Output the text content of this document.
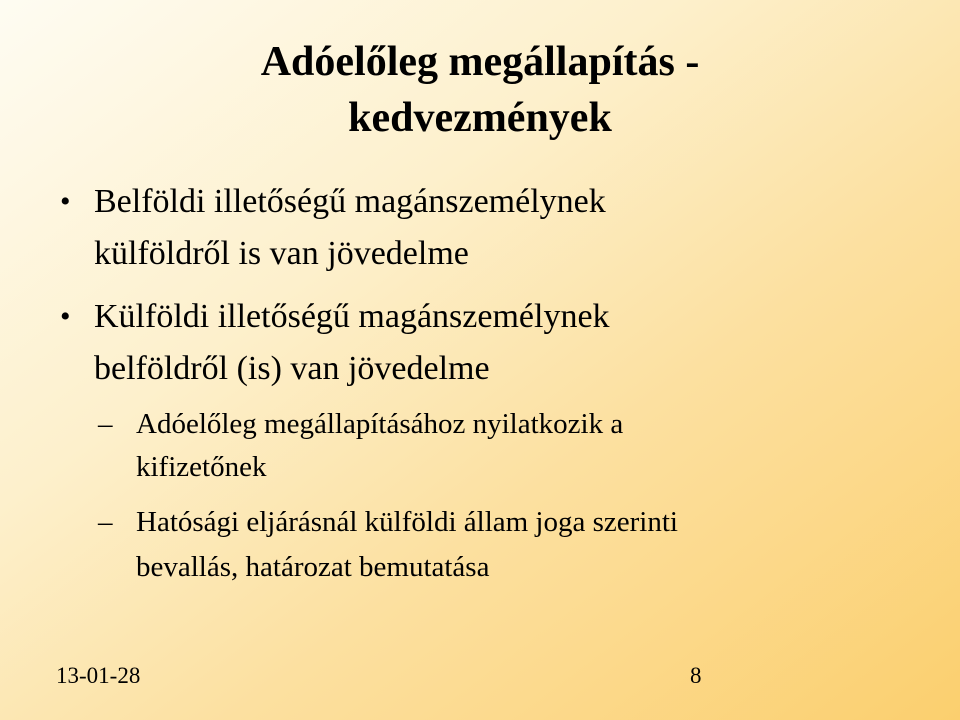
Adóelőleg megállapítás -
kedvezmények
• Belföldi illetőségű magánszemélynek
külföldről is van jövedelme
• Külföldi illetőségű magánszemélynek
belföldről (is) van jövedelme
– Adóelőleg megállapításához nyilatkozik a
kifizetőnek
– Hatósági eljárásnál külföldi állam joga szerinti
bevallás, határozat bemutatása
13-01-28	8
